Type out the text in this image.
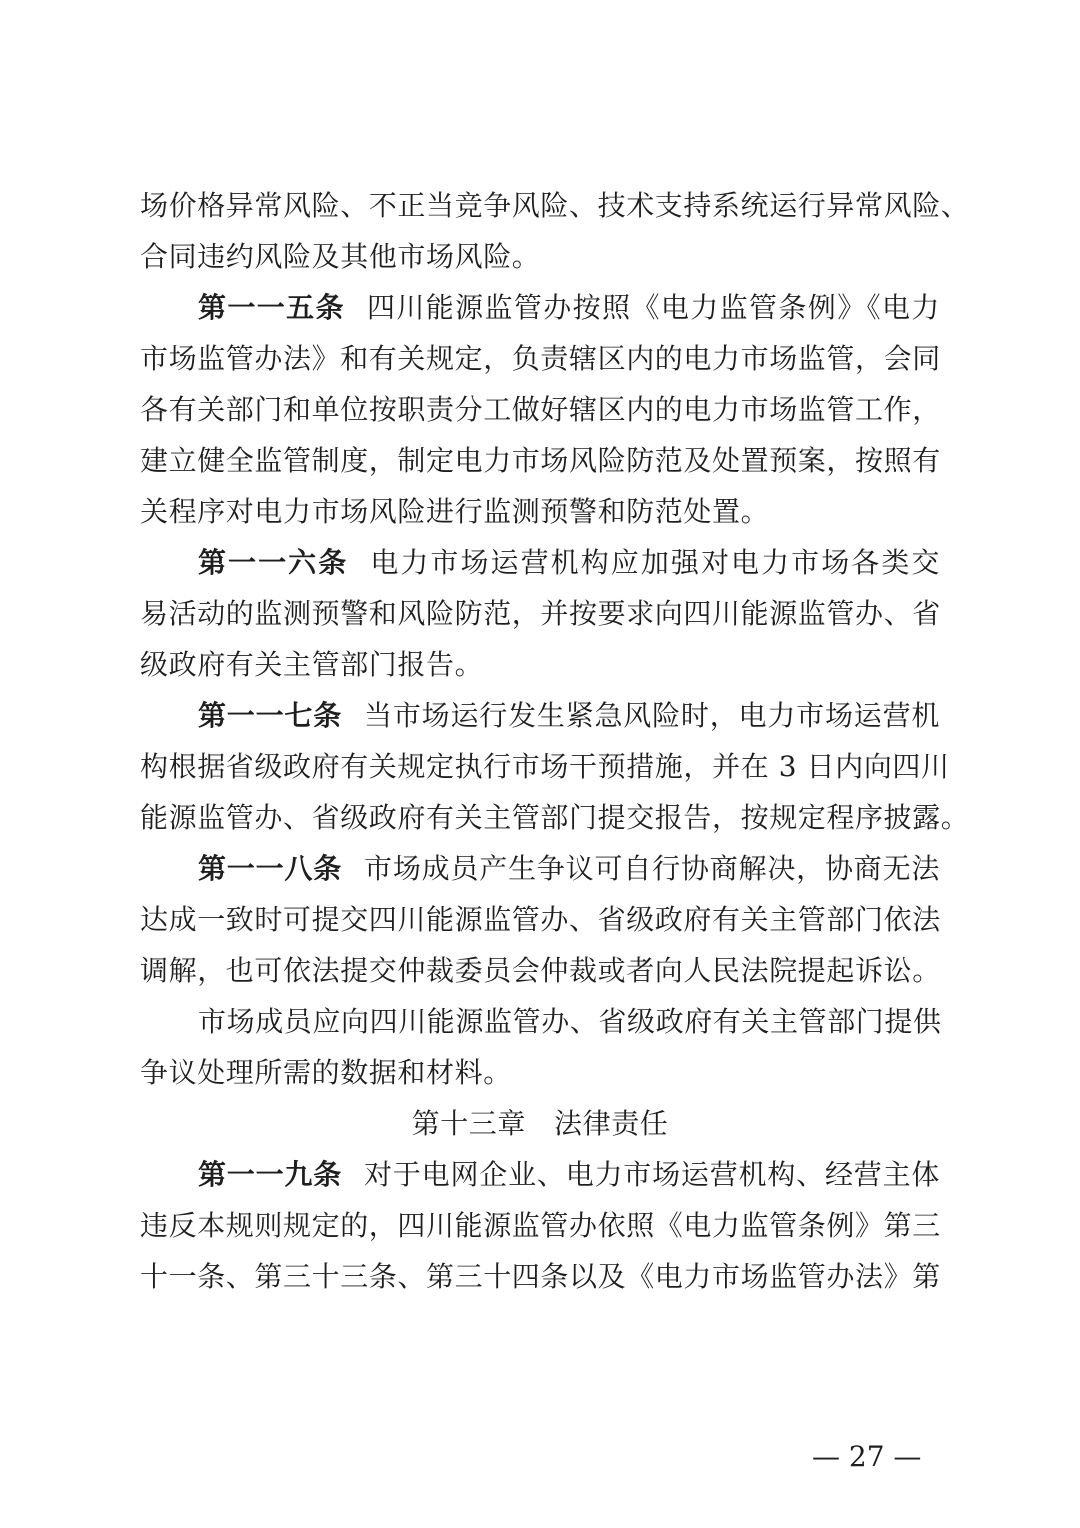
场价格异常风险、不正当竞争风险、技术支持系统运行异常风险、
合同违约风险及其他市场风险。
第一一五条 四川能源监管办按照《电力监管条例》《电力
市场监管办法》和有关规定，负责辖区内的电力市场监管，会同
各有关部门和单位按职责分工做好辖区内的电力市场监管工作，
建立健全监管制度，制定电力市场风险防范及处置预案，按照有
关程序对电力市场风险进行监测预警和防范处置。
第一一六条 电力市场运营机构应加强对电力市场各类交
易活动的监测预警和风险防范，并按要求向四川能源监管办、省
级政府有关主管部门报告。
第一一七条 当市场运行发生紧急风险时，电力市场运营机
构根据省级政府有关规定执行市场干预措施，并在 3 日内向四川
能源监管办、省级政府有关主管部门提交报告，按规定程序披露。
第一一八条 市场成员产生争议可自行协商解决，协商无法
达成一致时可提交四川能源监管办、省级政府有关主管部门依法
调解，也可依法提交仲裁委员会仲裁或者向人民法院提起诉讼。
市场成员应向四川能源监管办、省级政府有关主管部门提供
争议处理所需的数据和材料。
第十三章 法律责任
第一一九条 对于电网企业、电力市场运营机构、经营主体
违反本规则规定的，四川能源监管办依照《电力监管条例》第三
十一条、第三十三条、第三十四条以及《电力市场监管办法》第
— 27 —
